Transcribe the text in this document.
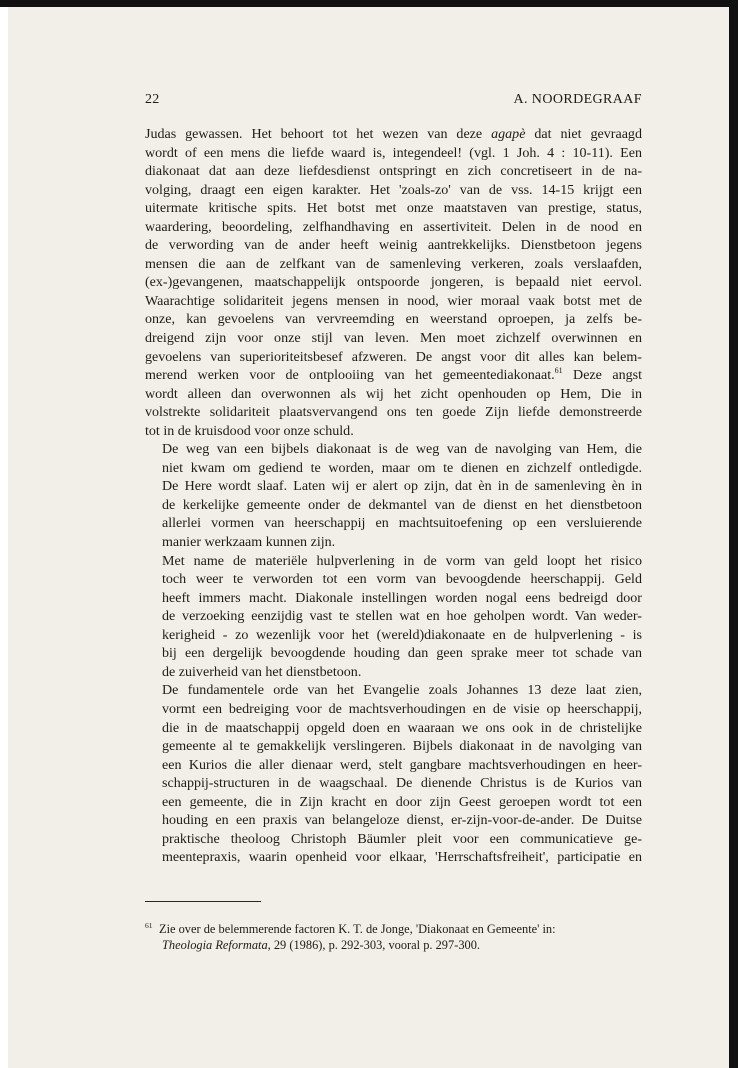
22	A. NOORDEGRAAF

Judas gewassen. Het behoort tot het wezen van deze agapè dat niet gevraagd
wordt of een mens die liefde waard is, integendeel! (vgl. 1 Joh. 4 : 10-11). Een
diakonaat dat aan deze liefdesdienst ontspringt en zich concretiseert in de na-
volging, draagt een eigen karakter. Het 'zoals-zo' van de vss. 14-15 krijgt een
uitermate kritische spits. Het botst met onze maatstaven van prestige, status,
waardering, beoordeling, zelfhandhaving en assertiviteit. Delen in de nood en
de verwording van de ander heeft weinig aantrekkelijks. Dienstbetoon jegens
mensen die aan de zelfkant van de samenleving verkeren, zoals verslaafden,
(ex-)gevangenen, maatschappelijk ontspoorde jongeren, is bepaald niet eervol.
Waarachtige solidariteit jegens mensen in nood, wier moraal vaak botst met de
onze, kan gevoelens van vervreemding en weerstand oproepen, ja zelfs be-
dreigend zijn voor onze stijl van leven. Men moet zichzelf overwinnen en
gevoelens van superioriteitsbesef afzweren. De angst voor dit alles kan belem-
merend werken voor de ontplooiing van het gemeentediakonaat.$^{61}$ Deze angst
wordt alleen dan overwonnen als wij het zicht openhouden op Hem, Die in
volstrekte solidariteit plaatsvervangend ons ten goede Zijn liefde demonstreerde
tot in de kruisdood voor onze schuld.

De weg van een bijbels diakonaat is de weg van de navolging van Hem, die
niet kwam om gediend te worden, maar om te dienen en zichzelf ontledigde.
De Here wordt slaaf. Laten wij er alert op zijn, dat èn in de samenleving èn in
de kerkelijke gemeente onder de dekmantel van de dienst en het dienstbetoon
allerlei vormen van heerschappij en machtsuitoefening op een versluierende
manier werkzaam kunnen zijn.

Met name de materiële hulpverlening in de vorm van geld loopt het risico
toch weer te verworden tot een vorm van bevoogdende heerschappij. Geld
heeft immers macht. Diakonale instellingen worden nogal eens bedreigd door
de verzoeking eenzijdig vast te stellen wat en hoe geholpen wordt. Van weder-
kerigheid - zo wezenlijk voor het (wereld)diakonaate en de hulpverlening - is
bij een dergelijk bevoogdende houding dan geen sprake meer tot schade van
de zuiverheid van het dienstbetoon.

De fundamentele orde van het Evangelie zoals Johannes 13 deze laat zien,
vormt een bedreiging voor de machtsverhoudingen en de visie op heerschappij,
die in de maatschappij opgeld doen en waaraan we ons ook in de christelijke
gemeente al te gemakkelijk verslingeren. Bijbels diakonaat in de navolging van
een Kurios die aller dienaar werd, stelt gangbare machtsverhoudingen en heer-
schappij-structuren in de waagschaal. De dienende Christus is de Kurios van
een gemeente, die in Zijn kracht en door zijn Geest geroepen wordt tot een
houding en een praxis van belangeloze dienst, er-zijn-voor-de-ander. De Duitse
praktische theoloog Christoph Bäumler pleit voor een communicatieve ge-
meentepraxis, waarin openheid voor elkaar, 'Herrschaftsfreiheit', participatie en

61 Zie over de belemmerende factoren K. T. de Jonge, 'Diakonaat en Gemeente' in:
Theologia Reformata, 29 (1986), p. 292-303, vooral p. 297-300.
